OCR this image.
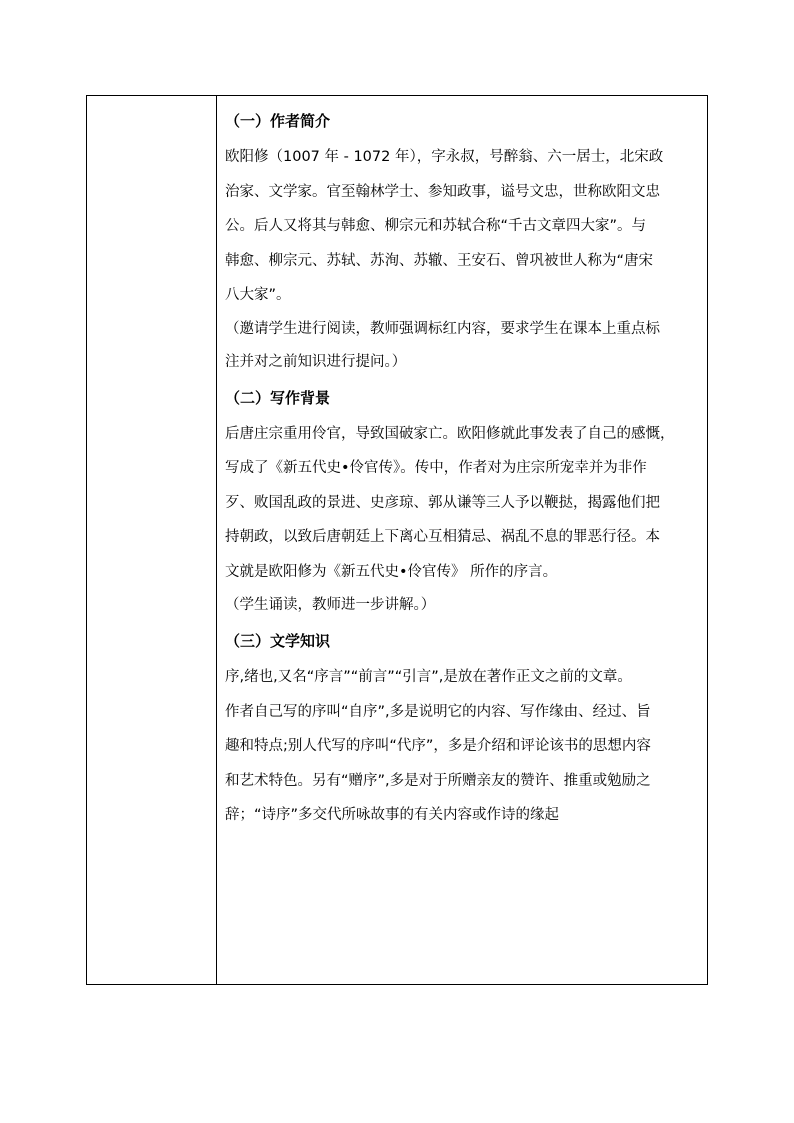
（一）作者简介
欧阳修（1007 年 - 1072 年），字永叔，号醉翁、六一居士，北宋政
治家、文学家。官至翰林学士、参知政事，谥号文忠，世称欧阳文忠
公。后人又将其与韩愈、柳宗元和苏轼合称“千古文章四大家”。与
韩愈、柳宗元、苏轼、苏洵、苏辙、王安石、曾巩被世人称为“唐宋
八大家”。
（邀请学生进行阅读，教师强调标红内容，要求学生在课本上重点标
注并对之前知识进行提问。）
（二）写作背景
后唐庄宗重用伶官，导致国破家亡。欧阳修就此事发表了自己的感慨，
写成了《新五代史•伶官传》。传中，作者对为庄宗所宠幸并为非作
歹、败国乱政的景进、史彦琼、郭从谦等三人予以鞭挞，揭露他们把
持朝政，以致后唐朝廷上下离心互相猜忌、祸乱不息的罪恶行径。本
文就是欧阳修为《新五代史•伶官传》 所作的序言。
（学生诵读，教师进一步讲解。）
（三）文学知识
序,绪也,又名“序言”“前言”“引言”,是放在著作正文之前的文章。
作者自己写的序叫“自序”,多是说明它的内容、写作缘由、经过、旨
趣和特点;别人代写的序叫“代序”，多是介绍和评论该书的思想内容
和艺术特色。另有“赠序”,多是对于所赠亲友的赞许、推重或勉励之
辞；“诗序”多交代所咏故事的有关内容或作诗的缘起
